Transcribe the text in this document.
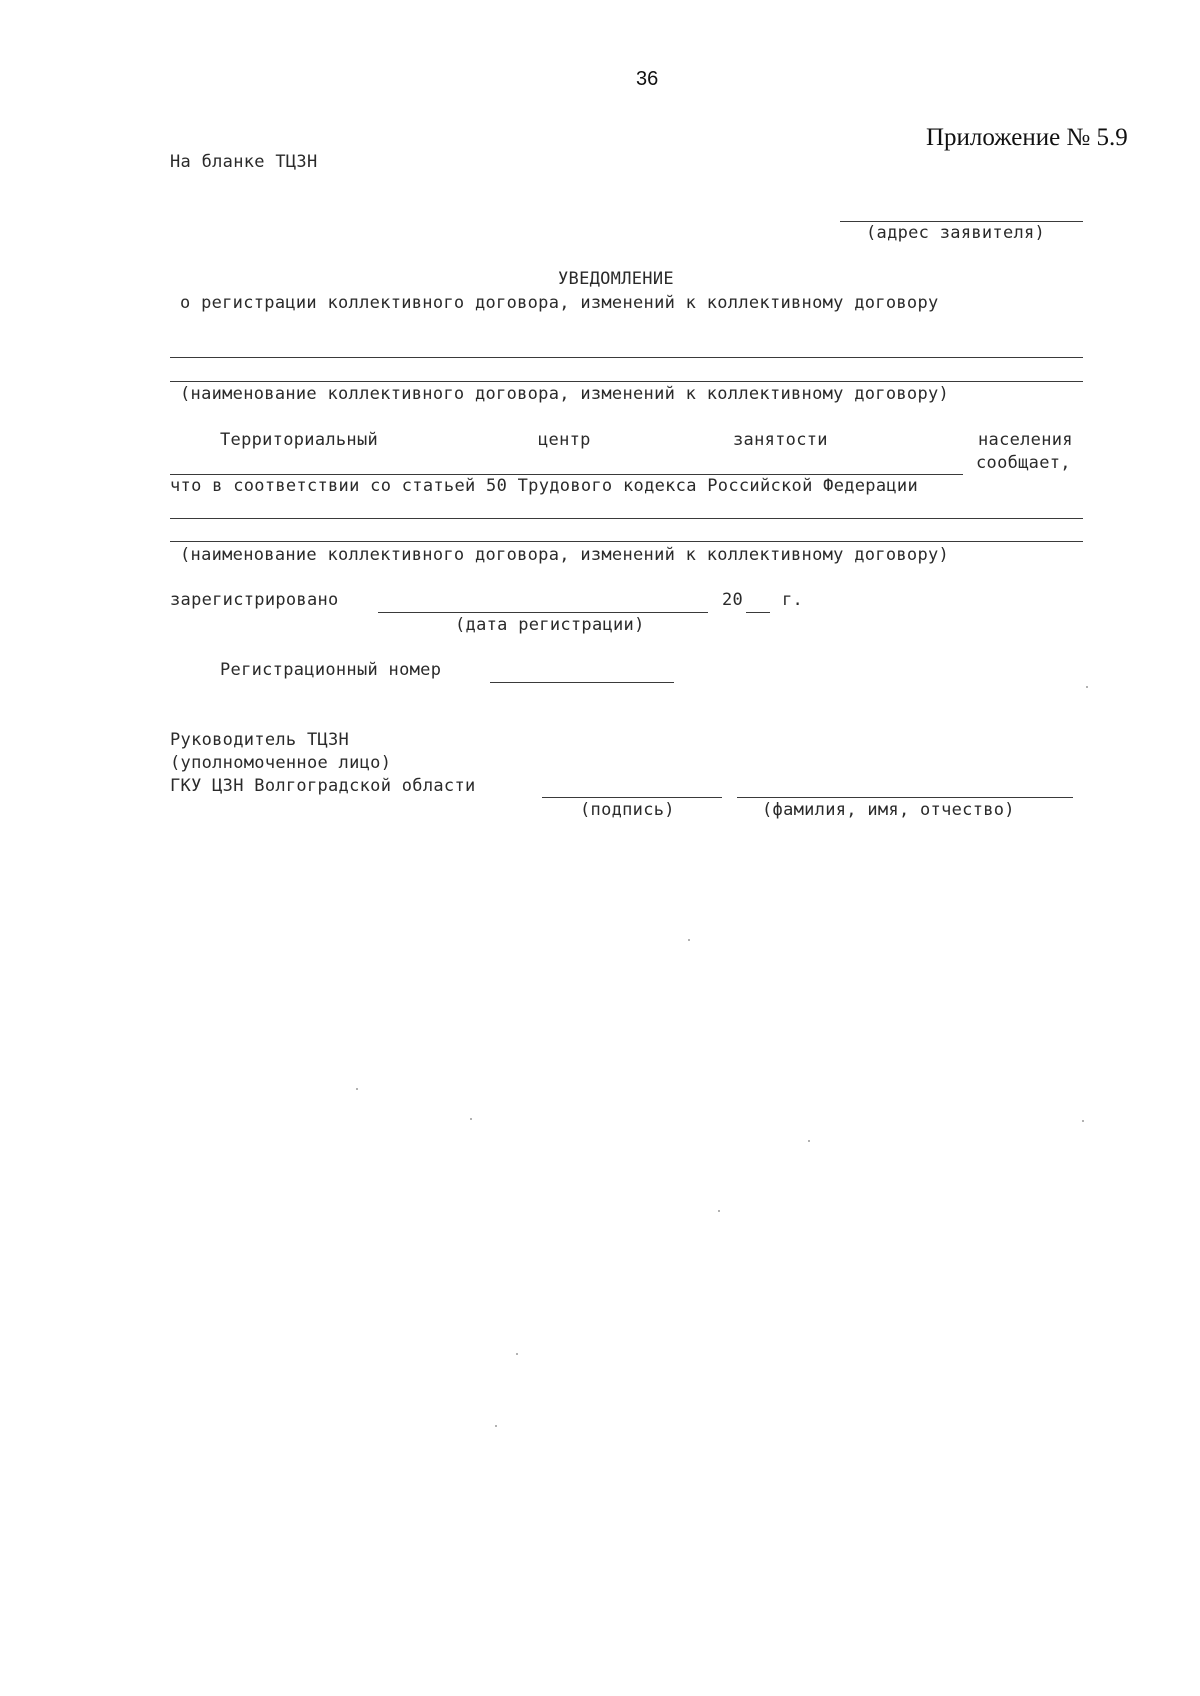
36
Приложение № 5.9
На бланке ТЦЗН
(адрес заявителя)
УВЕДОМЛЕНИЕ
о регистрации коллективного договора, изменений к коллективному договору
(наименование коллективного договора, изменений к коллективному договору)
Территориальный	центр	занятости	населения
сообщает,
что в соответствии со статьей 50 Трудового кодекса Российской Федерации
(наименование коллективного договора, изменений к коллективному договору)
зарегистрировано	20 г.
(дата регистрации)
Регистрационный номер
Руководитель ТЦЗН
(уполномоченное лицо)
ГКУ ЦЗН Волгоградской области
(подпись)	(фамилия, имя, отчество)
